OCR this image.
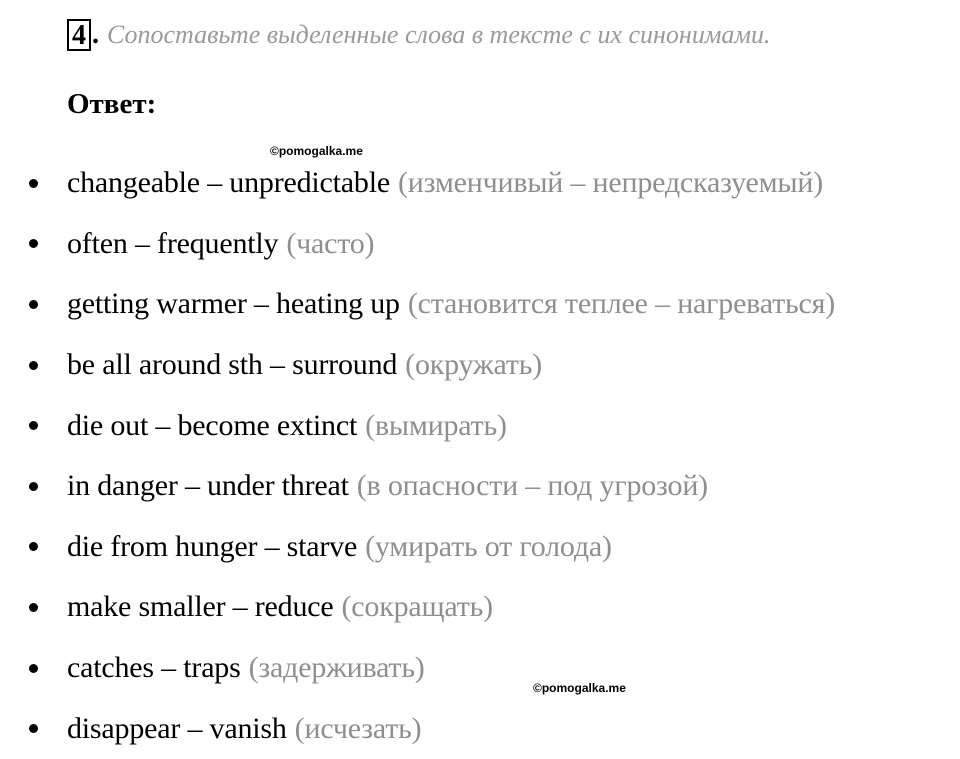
4 . Сопоставьте выделенные слова в тексте с их синонимами.
Ответ:
©pomogalka.me
changeable – unpredictable (изменчивый – непредсказуемый)
often – frequently (часто)
getting warmer – heating up (становится теплее – нагреваться)
be all around sth – surround (окружать)
die out – become extinct (вымирать)
in danger – under threat (в опасности – под угрозой)
die from hunger – starve (умирать от голода)
make smaller – reduce (сокращать)
catches – traps (задерживать)
disappear – vanish (исчезать)
©pomogalka.me
